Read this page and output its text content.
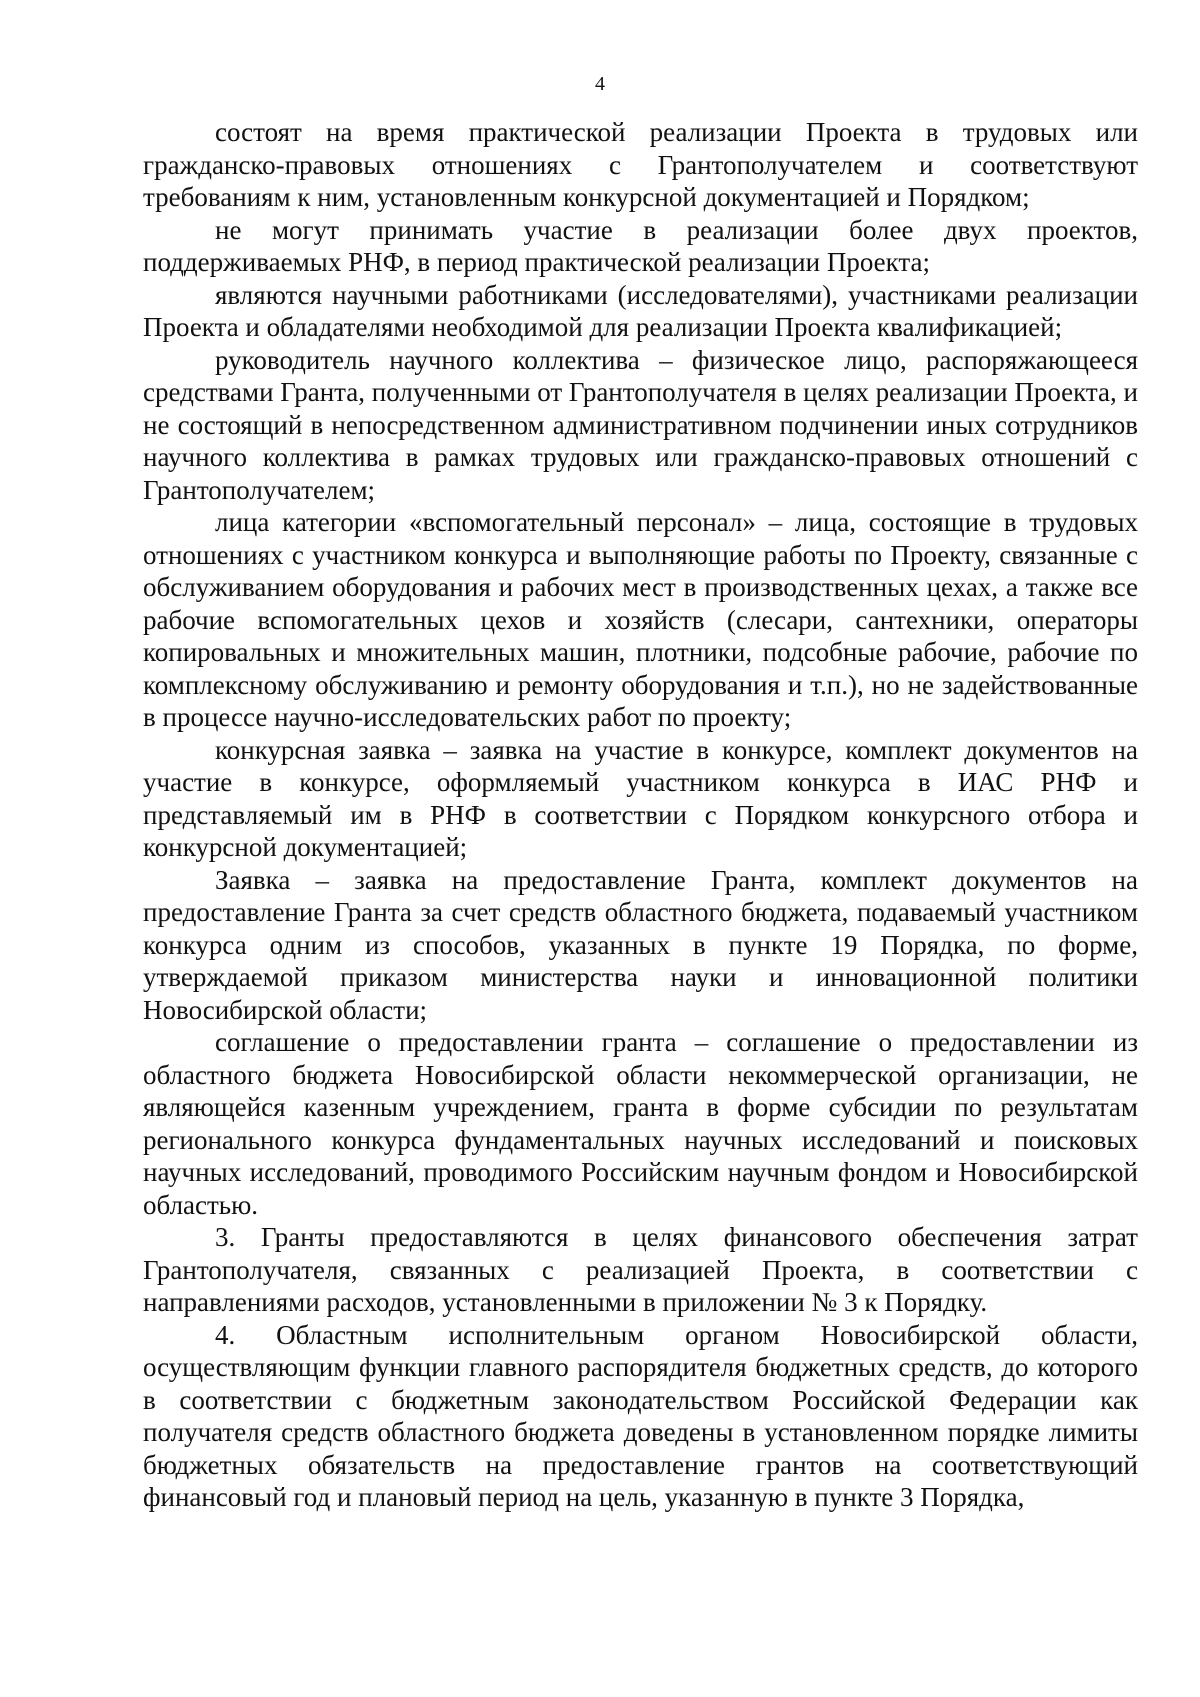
4

состоят на время практической реализации Проекта в трудовых или гражданско-правовых отношениях с Грантополучателем и соответствуют требованиям к ним, установленным конкурсной документацией и Порядком;

не могут принимать участие в реализации более двух проектов, поддерживаемых РНФ, в период практической реализации Проекта;

являются научными работниками (исследователями), участниками реализации Проекта и обладателями необходимой для реализации Проекта квалификацией;

руководитель научного коллектива – физическое лицо, распоряжающееся средствами Гранта, полученными от Грантополучателя в целях реализации Проекта, и не состоящий в непосредственном административном подчинении иных сотрудников научного коллектива в рамках трудовых или гражданско-правовых отношений с Грантополучателем;

лица категории «вспомогательный персонал» – лица, состоящие в трудовых отношениях с участником конкурса и выполняющие работы по Проекту, связанные с обслуживанием оборудования и рабочих мест в производственных цехах, а также все рабочие вспомогательных цехов и хозяйств (слесари, сантехники, операторы копировальных и множительных машин, плотники, подсобные рабочие, рабочие по комплексному обслуживанию и ремонту оборудования и т.п.), но не задействованные в процессе научно-исследовательских работ по проекту;

конкурсная заявка – заявка на участие в конкурсе, комплект документов на участие в конкурсе, оформляемый участником конкурса в ИАС РНФ и представляемый им в РНФ в соответствии с Порядком конкурсного отбора и конкурсной документацией;

Заявка – заявка на предоставление Гранта, комплект документов на предоставление Гранта за счет средств областного бюджета, подаваемый участником конкурса одним из способов, указанных в пункте 19 Порядка, по форме, утверждаемой приказом министерства науки и инновационной политики Новосибирской области;

соглашение о предоставлении гранта – соглашение о предоставлении из областного бюджета Новосибирской области некоммерческой организации, не являющейся казенным учреждением, гранта в форме субсидии по результатам регионального конкурса фундаментальных научных исследований и поисковых научных исследований, проводимого Российским научным фондом и Новосибирской областью.

3. Гранты предоставляются в целях финансового обеспечения затрат Грантополучателя, связанных с реализацией Проекта, в соответствии с направлениями расходов, установленными в приложении № 3 к Порядку.

4. Областным исполнительным органом Новосибирской области, осуществляющим функции главного распорядителя бюджетных средств, до которого в соответствии с бюджетным законодательством Российской Федерации как получателя средств областного бюджета доведены в установленном порядке лимиты бюджетных обязательств на предоставление грантов на соответствующий финансовый год и плановый период на цель, указанную в пункте 3 Порядка,
